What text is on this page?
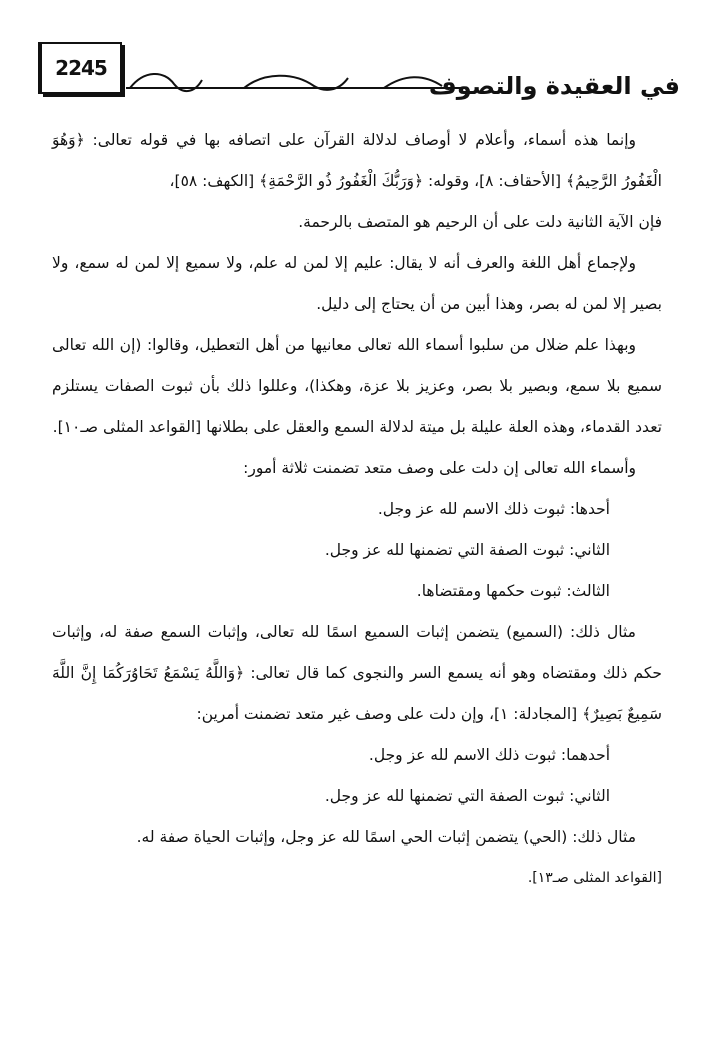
2245
في العقيدة والتصوف

وإنما هذه أسماء، وأعلام لا أوصاف لدلالة القرآن على اتصافه بها في قوله تعالى: ﴿وَهُوَ الْغَفُورُ الرَّحِيمُ﴾ [الأحقاف: ٨]، وقوله: ﴿وَرَبُّكَ الْغَفُورُ ذُو الرَّحْمَةِ﴾ [الكهف: ٥٨]،

فإن الآية الثانية دلت على أن الرحيم هو المتصف بالرحمة.

ولإجماع أهل اللغة والعرف أنه لا يقال: عليم إلا لمن له علم، ولا سميع إلا لمن له سمع، ولا بصير إلا لمن له بصر، وهذا أبين من أن يحتاج إلى دليل.

وبهذا علم ضلال من سلبوا أسماء الله تعالى معانيها من أهل التعطيل، وقالوا: (إن الله تعالى سميع بلا سمع، وبصير بلا بصر، وعزيز بلا عزة، وهكذا)، وعللوا ذلك بأن ثبوت الصفات يستلزم تعدد القدماء، وهذه العلة عليلة بل ميتة لدلالة السمع والعقل على بطلانها [القواعد المثلى صـ١٠].

وأسماء الله تعالى إن دلت على وصف متعد تضمنت ثلاثة أمور:

أحدها: ثبوت ذلك الاسم لله عز وجل.
الثاني: ثبوت الصفة التي تضمنها لله عز وجل.
الثالث: ثبوت حكمها ومقتضاها.

مثال ذلك: (السميع) يتضمن إثبات السميع اسمًا لله تعالى، وإثبات السمع صفة له، وإثبات حكم ذلك ومقتضاه وهو أنه يسمع السر والنجوى كما قال تعالى: ﴿وَاللَّهُ يَسْمَعُ تَحَاوُرَكُمَا إِنَّ اللَّهَ سَمِيعٌ بَصِيرٌ﴾ [المجادلة: ١]، وإن دلت على وصف غير متعد تضمنت أمرين:

أحدهما: ثبوت ذلك الاسم لله عز وجل.
الثاني: ثبوت الصفة التي تضمنها لله عز وجل.

مثال ذلك: (الحي) يتضمن إثبات الحي اسمًا لله عز وجل، وإثبات الحياة صفة له.

[القواعد المثلى صـ١٣].
